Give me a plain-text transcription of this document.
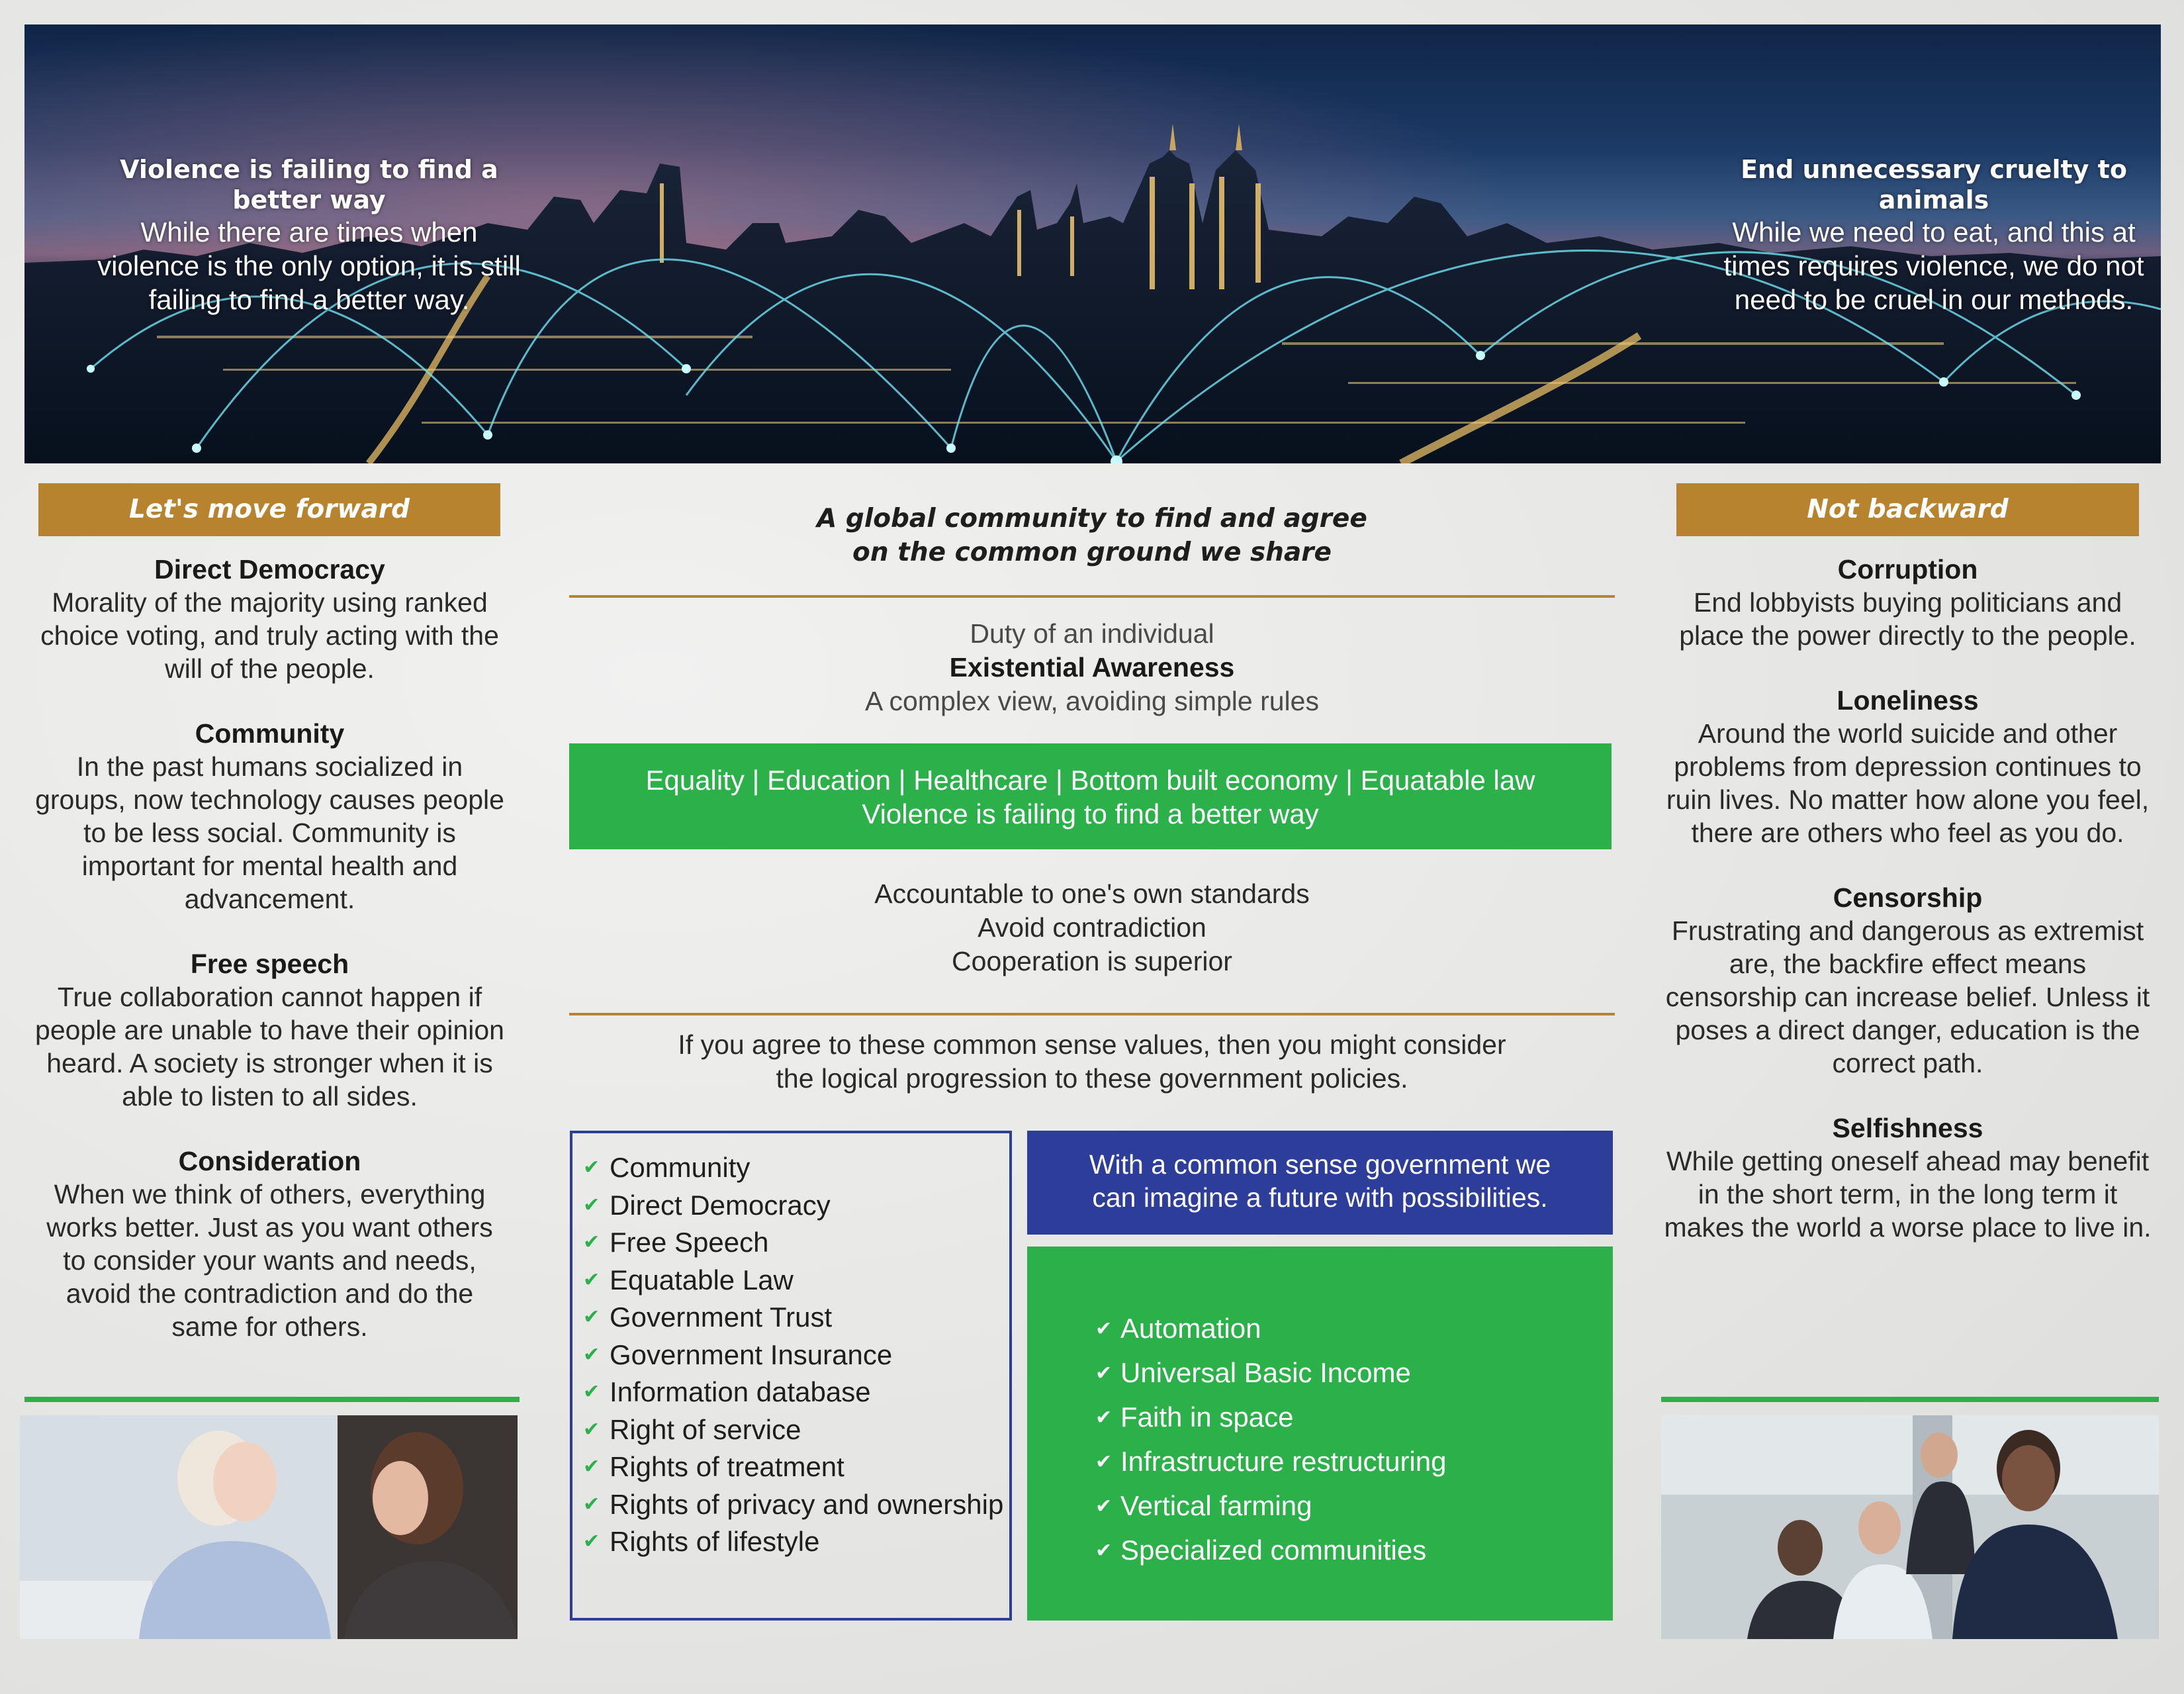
Violence is failing to find a better way
While there are times when violence is the only option, it is still failing to find a better way.
End unnecessary cruelty to animals
While we need to eat, and this at times requires violence, we do not need to be cruel in our methods.
Let's move forward
Direct Democracy

Morality of the majority using ranked choice voting, and truly acting with the will of the people.

Community

In the past humans socialized in groups, now technology causes people to be less social. Community is important for mental health and advancement.

Free speech

True collaboration cannot happen if people are unable to have their opinion heard. A society is stronger when it is able to listen to all sides.

Consideration

When we think of others, everything works better. Just as you want others to consider your wants and needs, avoid the contradiction and do the same for others.

Not backward
Corruption

End lobbyists buying politicians and place the power directly to the people.

Loneliness

Around the world suicide and other problems from depression continues to ruin lives. No matter how alone you feel, there are others who feel as you do.

Censorship

Frustrating and dangerous as extremist are, the backfire effect means censorship can increase belief. Unless it poses a direct danger, education is the correct path.

Selfishness

While getting oneself ahead may benefit in the short term, in the long term it makes the world a worse place to live in.

A global community to find and agree
on the common ground we share
Duty of an individual
Existential Awareness
A complex view, avoiding simple rules
Equality | Education | Healthcare | Bottom built economy | Equatable law
Violence is failing to find a better way
Accountable to one's own standards
Avoid contradiction
Cooperation is superior
If you agree to these common sense values, then you might consider
the logical progression to these government policies.
✔ Community
✔ Direct Democracy
✔ Free Speech
✔ Equatable Law
✔ Government Trust
✔ Government Insurance
✔ Information database
✔ Right of service
✔ Rights of treatment
✔ Rights of privacy and ownership
✔ Rights of lifestyle
With a common sense government we
can imagine a future with possibilities.
✔ Automation
✔ Universal Basic Income
✔ Faith in space
✔ Infrastructure restructuring
✔ Vertical farming
✔ Specialized communities
